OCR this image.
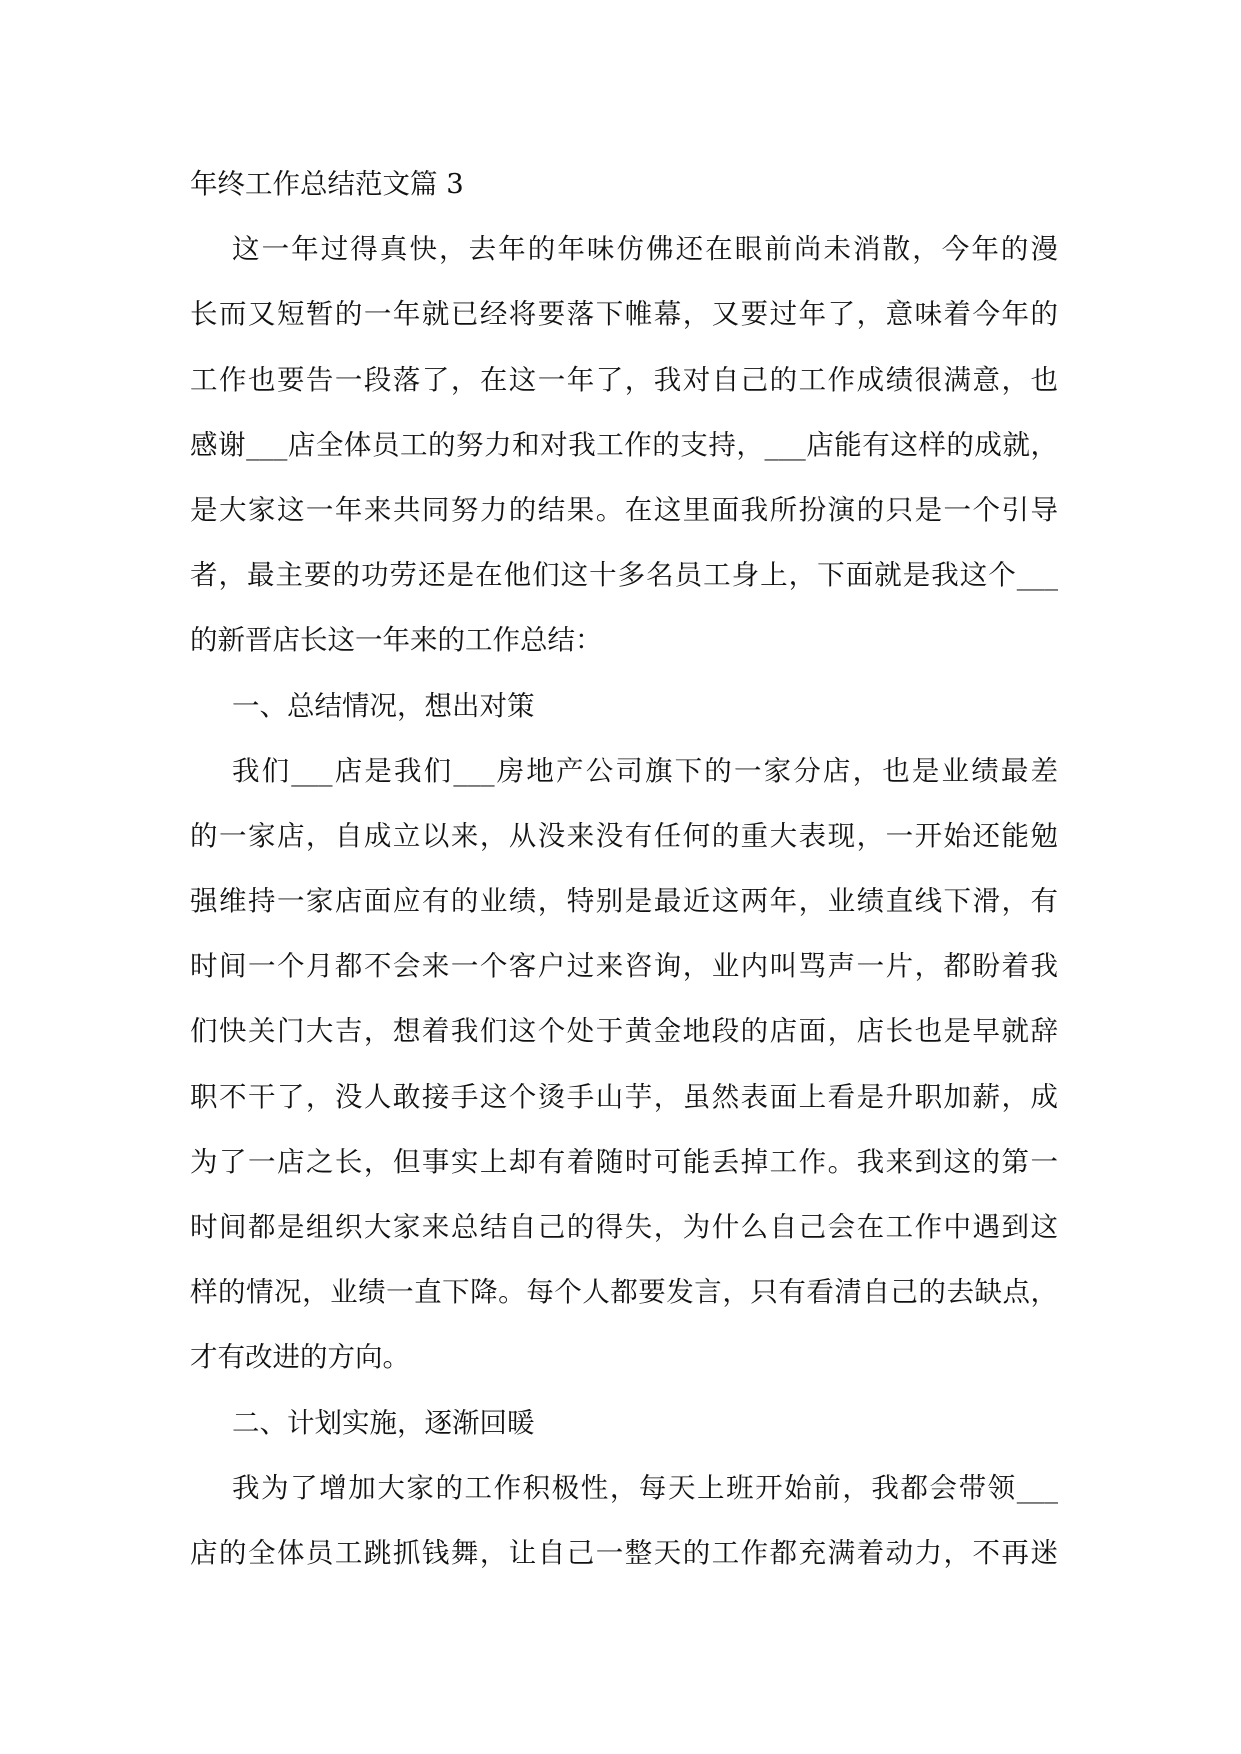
年终工作总结范文篇 3
这一年过得真快，去年的年味仿佛还在眼前尚未消散，今年的漫
长而又短暂的一年就已经将要落下帷幕，又要过年了，意味着今年的
工作也要告一段落了，在这一年了，我对自己的工作成绩很满意，也
感谢___店全体员工的努力和对我工作的支持，___店能有这样的成就，
是大家这一年来共同努力的结果。在这里面我所扮演的只是一个引导
者，最主要的功劳还是在他们这十多名员工身上，下面就是我这个___
的新晋店长这一年来的工作总结：
一、总结情况，想出对策
我们___店是我们___房地产公司旗下的一家分店，也是业绩最差
的一家店，自成立以来，从没来没有任何的重大表现，一开始还能勉
强维持一家店面应有的业绩，特别是最近这两年，业绩直线下滑，有
时间一个月都不会来一个客户过来咨询，业内叫骂声一片，都盼着我
们快关门大吉，想着我们这个处于黄金地段的店面，店长也是早就辞
职不干了，没人敢接手这个烫手山芋，虽然表面上看是升职加薪，成
为了一店之长，但事实上却有着随时可能丢掉工作。我来到这的第一
时间都是组织大家来总结自己的得失，为什么自己会在工作中遇到这
样的情况，业绩一直下降。每个人都要发言，只有看清自己的去缺点，
才有改进的方向。
二、计划实施，逐渐回暖
我为了增加大家的工作积极性，每天上班开始前，我都会带领___
店的全体员工跳抓钱舞，让自己一整天的工作都充满着动力，不再迷
